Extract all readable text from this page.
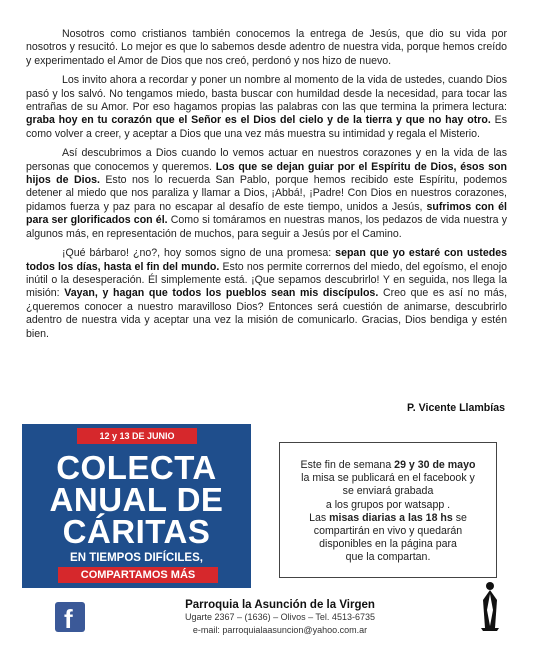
Nosotros como cristianos también conocemos la entrega de Jesús, que dio su vida por nosotros y resucitó. Lo mejor es que lo sabemos desde adentro de nuestra vida, porque hemos creído y experimentado el Amor de Dios que nos creó, perdonó y nos hizo de nuevo.

Los invito ahora a recordar y poner un nombre al momento de la vida de ustedes, cuando Dios pasó y los salvó. No tengamos miedo, basta buscar con humildad desde la necesidad, para tocar las entrañas de su Amor. Por eso hagamos propias las palabras con las que termina la primera lectura: graba hoy en tu corazón que el Señor es el Dios del cielo y de la tierra y que no hay otro. Es como volver a creer, y aceptar a Dios que una vez más muestra su intimidad y regala el Misterio.

Así descubrimos a Dios cuando lo vemos actuar en nuestros corazones y en la vida de las personas que conocemos y queremos. Los que se dejan guiar por el Espíritu de Dios, ésos son hijos de Dios. Esto nos lo recuerda San Pablo, porque hemos recibido este Espíritu, podemos detener al miedo que nos paraliza y llamar a Dios, ¡Abbá!, ¡Padre! Con Dios en nuestros corazones, pidamos fuerza y paz para no escapar al desafío de este tiempo, unidos a Jesús, sufrimos con él para ser glorificados con él. Como si tomáramos en nuestras manos, los pedazos de vida nuestra y algunos más, en representación de muchos, para seguir a Jesús por el Camino.

¡Qué bárbaro! ¿no?, hoy somos signo de una promesa: sepan que yo estaré con ustedes todos los días, hasta el fin del mundo. Esto nos permite corrernos del miedo, del egoísmo, el enojo inútil o la desesperación. Él simplemente está. ¡Que sepamos descubrirlo! Y en seguida, nos llega la misión: Vayan, y hagan que todos los pueblos sean mis discípulos. Creo que es así no más, ¿queremos conocer a nuestro maravilloso Dios? Entonces será cuestión de animarse, descubrirlo adentro de nuestra vida y aceptar una vez la misión de comunicarlo. Gracias, Dios bendiga y estén bien.

P. Vicente Llambías
12 y 13 DE JUNIO
COLECTA
ANUAL DE
CÁRITAS
EN TIEMPOS DIFÍCILES,
COMPARTAMOS MÁS
Este fin de semana 29 y 30 de mayo
la misa se publicará en el facebook y
se enviará grabada
a los grupos por watsapp .
Las misas diarias a las 18 hs se
compartirán en vivo y quedarán
disponibles en la página para
que la compartan.
f	Parroquia la Asunción de la Virgen
Ugarte 2367 – (1636) – Olivos – Tel. 4513-6735
e-mail: parroquialaasuncion@yahoo.com.ar
